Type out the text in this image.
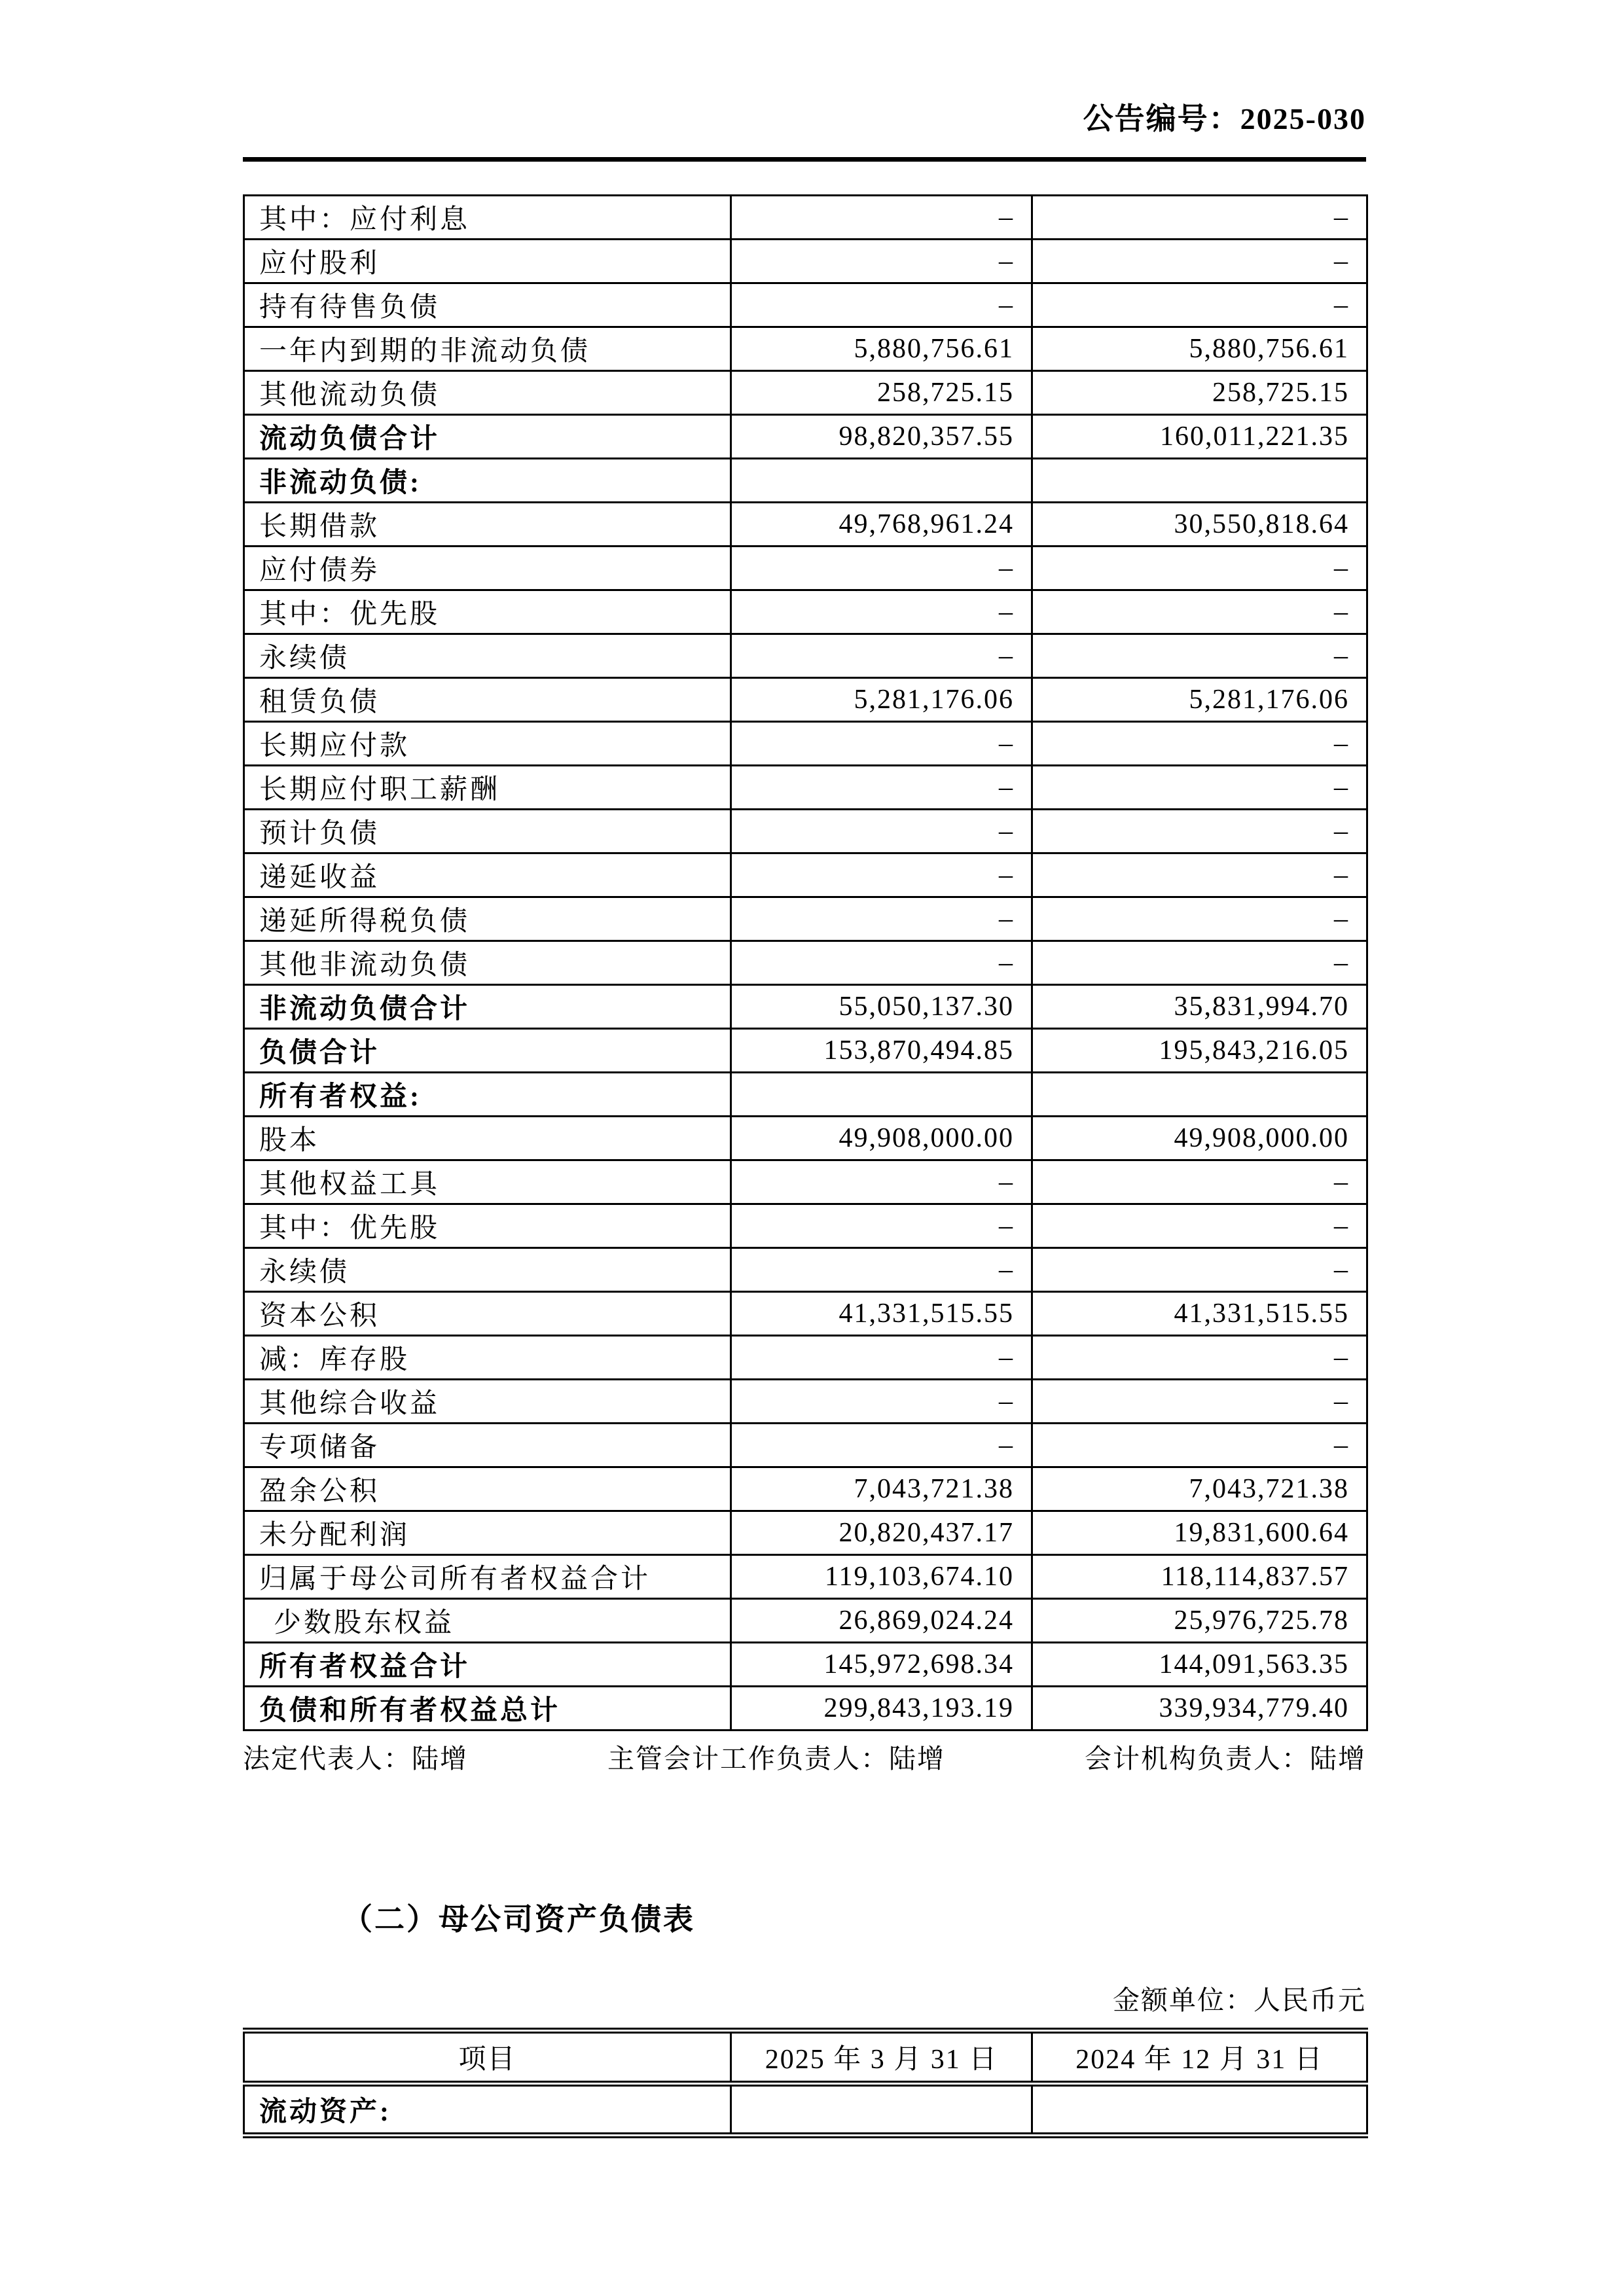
公告编号：2025-030
其中：应付利息	–	–
应付股利	–	–
持有待售负债	–	–
一年内到期的非流动负债	5,880,756.61	5,880,756.61
其他流动负债	258,725.15	258,725.15
流动负债合计	98,820,357.55	160,011,221.35
非流动负债:		
长期借款	49,768,961.24	30,550,818.64
应付债券	–	–
其中：优先股	–	–
永续债	–	–
租赁负债	5,281,176.06	5,281,176.06
长期应付款	–	–
长期应付职工薪酬	–	–
预计负债	–	–
递延收益	–	–
递延所得税负债	–	–
其他非流动负债	–	–
非流动负债合计	55,050,137.30	35,831,994.70
负债合计	153,870,494.85	195,843,216.05
所有者权益:		
股本	49,908,000.00	49,908,000.00
其他权益工具	–	–
其中：优先股	–	–
永续债	–	–
资本公积	41,331,515.55	41,331,515.55
减：库存股	–	–
其他综合收益	–	–
专项储备	–	–
盈余公积	7,043,721.38	7,043,721.38
未分配利润	20,820,437.17	19,831,600.64
归属于母公司所有者权益合计	119,103,674.10	118,114,837.57
少数股东权益	26,869,024.24	25,976,725.78
所有者权益合计	145,972,698.34	144,091,563.35
负债和所有者权益总计	299,843,193.19	339,934,779.40
法定代表人：陆增	主管会计工作负责人：陆增	会计机构负责人：陆增
（二）母公司资产负债表
金额单位：人民币元
项目	2025 年 3 月 31 日	2024 年 12 月 31 日
流动资产:		
